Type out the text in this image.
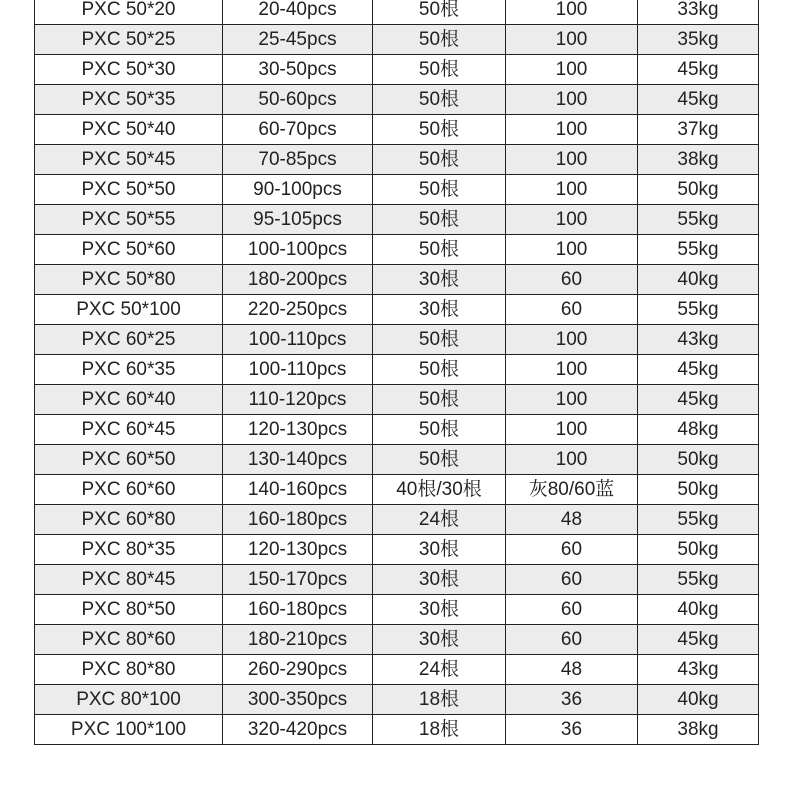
PXC 50*20	20-40pcs	50根	100	33kg
PXC 50*25	25-45pcs	50根	100	35kg
PXC 50*30	30-50pcs	50根	100	45kg
PXC 50*35	50-60pcs	50根	100	45kg
PXC 50*40	60-70pcs	50根	100	37kg
PXC 50*45	70-85pcs	50根	100	38kg
PXC 50*50	90-100pcs	50根	100	50kg
PXC 50*55	95-105pcs	50根	100	55kg
PXC 50*60	100-100pcs	50根	100	55kg
PXC 50*80	180-200pcs	30根	60	40kg
PXC 50*100	220-250pcs	30根	60	55kg
PXC 60*25	100-110pcs	50根	100	43kg
PXC 60*35	100-110pcs	50根	100	45kg
PXC 60*40	110-120pcs	50根	100	45kg
PXC 60*45	120-130pcs	50根	100	48kg
PXC 60*50	130-140pcs	50根	100	50kg
PXC 60*60	140-160pcs	40根/30根	灰80/60蓝	50kg
PXC 60*80	160-180pcs	24根	48	55kg
PXC 80*35	120-130pcs	30根	60	50kg
PXC 80*45	150-170pcs	30根	60	55kg
PXC 80*50	160-180pcs	30根	60	40kg
PXC 80*60	180-210pcs	30根	60	45kg
PXC 80*80	260-290pcs	24根	48	43kg
PXC 80*100	300-350pcs	18根	36	40kg
PXC 100*100	320-420pcs	18根	36	38kg
